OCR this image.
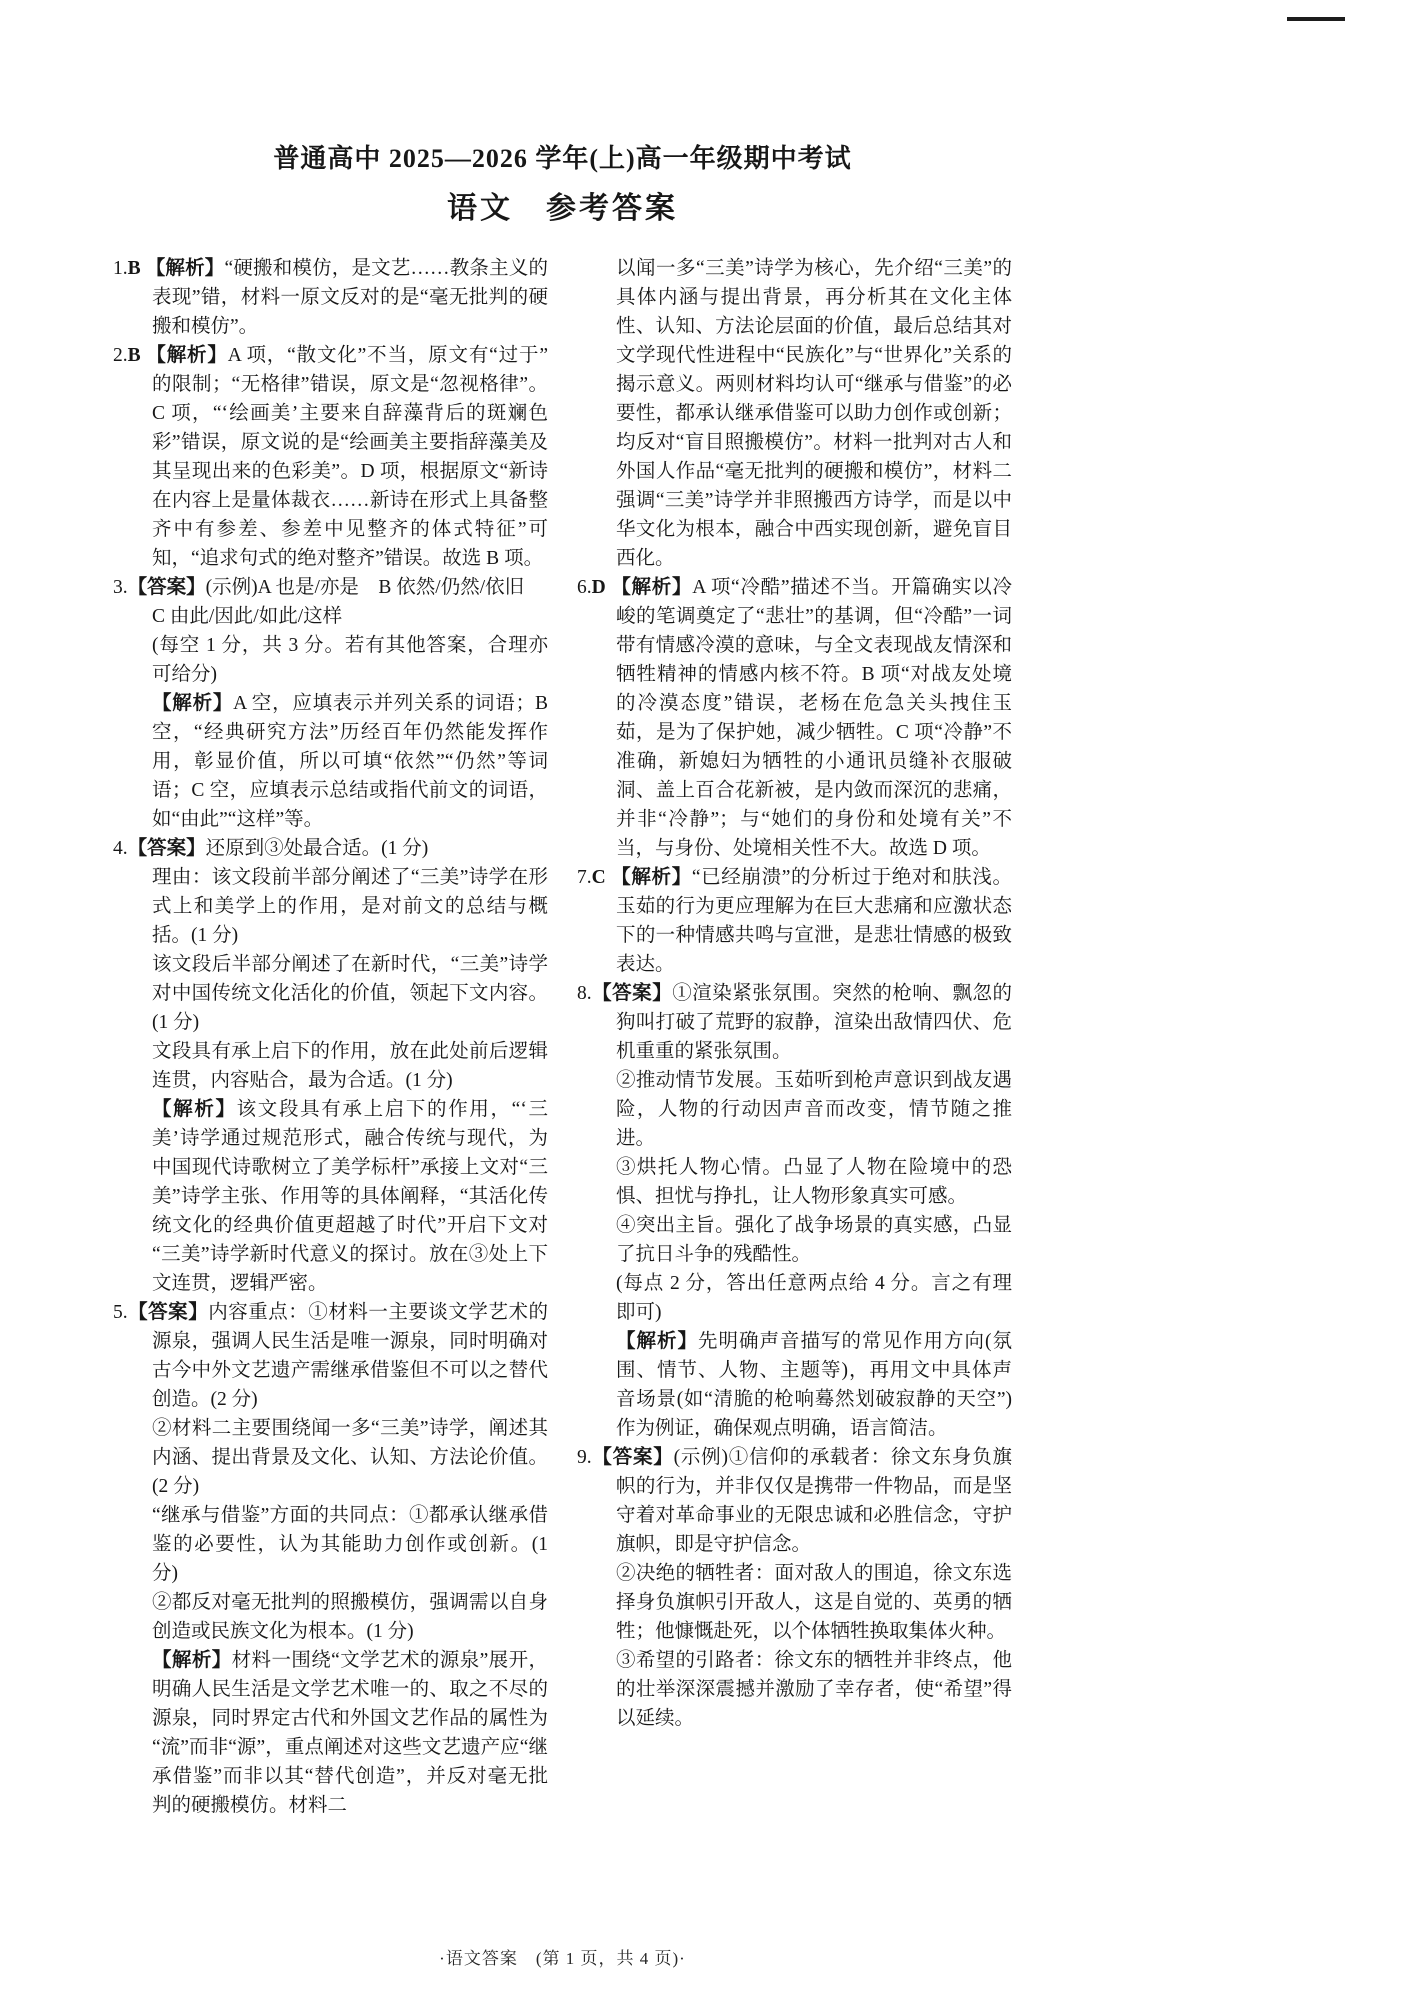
普通高中 2025—2026 学年(上)高一年级期中考试
语文　参考答案

1.B 【解析】“硬搬和模仿，是文艺……教条主义的表现”错，材料一原文反对的是“毫无批判的硬搬和模仿”。

2.B 【解析】A 项，“散文化”不当，原文有“过于”的限制；“无格律”错误，原文是“忽视格律”。C 项，“‘绘画美’主要来自辞藻背后的斑斓色彩”错误，原文说的是“绘画美主要指辞藻美及其呈现出来的色彩美”。D 项，根据原文“新诗在内容上是量体裁衣……新诗在形式上具备整齐中有参差、参差中见整齐的体式特征”可知，“追求句式的绝对整齐”错误。故选 B 项。

3.【答案】(示例)A 也是/亦是　B 依然/仍然/依旧

C 由此/因此/如此/这样

(每空 1 分，共 3 分。若有其他答案，合理亦可给分)

【解析】A 空，应填表示并列关系的词语；B 空，“经典研究方法”历经百年仍然能发挥作用，彰显价值，所以可填“依然”“仍然”等词语；C 空，应填表示总结或指代前文的词语，如“由此”“这样”等。

4.【答案】还原到③处最合适。(1 分)

理由：该文段前半部分阐述了“三美”诗学在形式上和美学上的作用，是对前文的总结与概括。(1 分)

该文段后半部分阐述了在新时代，“三美”诗学对中国传统文化活化的价值，领起下文内容。(1 分)

文段具有承上启下的作用，放在此处前后逻辑连贯，内容贴合，最为合适。(1 分)

【解析】该文段具有承上启下的作用，“‘三美’诗学通过规范形式，融合传统与现代，为中国现代诗歌树立了美学标杆”承接上文对“三美”诗学主张、作用等的具体阐释，“其活化传统文化的经典价值更超越了时代”开启下文对“三美”诗学新时代意义的探讨。放在③处上下文连贯，逻辑严密。

5.【答案】内容重点：①材料一主要谈文学艺术的源泉，强调人民生活是唯一源泉，同时明确对古今中外文艺遗产需继承借鉴但不可以之替代创造。(2 分)

②材料二主要围绕闻一多“三美”诗学，阐述其内涵、提出背景及文化、认知、方法论价值。(2 分)

“继承与借鉴”方面的共同点：①都承认继承借鉴的必要性，认为其能助力创作或创新。(1 分)

②都反对毫无批判的照搬模仿，强调需以自身创造或民族文化为根本。(1 分)

【解析】材料一围绕“文学艺术的源泉”展开，明确人民生活是文学艺术唯一的、取之不尽的源泉，同时界定古代和外国文艺作品的属性为“流”而非“源”，重点阐述对这些文艺遗产应“继承借鉴”而非以其“替代创造”，并反对毫无批判的硬搬模仿。材料二

以闻一多“三美”诗学为核心，先介绍“三美”的具体内涵与提出背景，再分析其在文化主体性、认知、方法论层面的价值，最后总结其对文学现代性进程中“民族化”与“世界化”关系的揭示意义。两则材料均认可“继承与借鉴”的必要性，都承认继承借鉴可以助力创作或创新；均反对“盲目照搬模仿”。材料一批判对古人和外国人作品“毫无批判的硬搬和模仿”，材料二强调“三美”诗学并非照搬西方诗学，而是以中华文化为根本，融合中西实现创新，避免盲目西化。

6.D 【解析】A 项“冷酷”描述不当。开篇确实以冷峻的笔调奠定了“悲壮”的基调，但“冷酷”一词带有情感冷漠的意味，与全文表现战友情深和牺牲精神的情感内核不符。B 项“对战友处境的冷漠态度”错误，老杨在危急关头拽住玉茹，是为了保护她，减少牺牲。C 项“冷静”不准确，新媳妇为牺牲的小通讯员缝补衣服破洞、盖上百合花新被，是内敛而深沉的悲痛，并非“冷静”；与“她们的身份和处境有关”不当，与身份、处境相关性不大。故选 D 项。

7.C 【解析】“已经崩溃”的分析过于绝对和肤浅。玉茹的行为更应理解为在巨大悲痛和应激状态下的一种情感共鸣与宣泄，是悲壮情感的极致表达。

8.【答案】①渲染紧张氛围。突然的枪响、飘忽的狗叫打破了荒野的寂静，渲染出敌情四伏、危机重重的紧张氛围。

②推动情节发展。玉茹听到枪声意识到战友遇险，人物的行动因声音而改变，情节随之推进。

③烘托人物心情。凸显了人物在险境中的恐惧、担忧与挣扎，让人物形象真实可感。

④突出主旨。强化了战争场景的真实感，凸显了抗日斗争的残酷性。

(每点 2 分，答出任意两点给 4 分。言之有理即可)

【解析】先明确声音描写的常见作用方向(氛围、情节、人物、主题等)，再用文中具体声音场景(如“清脆的枪响蓦然划破寂静的天空”)作为例证，确保观点明确，语言简洁。

9.【答案】(示例)①信仰的承载者：徐文东身负旗帜的行为，并非仅仅是携带一件物品，而是坚守着对革命事业的无限忠诚和必胜信念，守护旗帜，即是守护信念。

②决绝的牺牲者：面对敌人的围追，徐文东选择身负旗帜引开敌人，这是自觉的、英勇的牺牲；他慷慨赴死，以个体牺牲换取集体火种。

③希望的引路者：徐文东的牺牲并非终点，他的壮举深深震撼并激励了幸存者，使“希望”得以延续。

·语文答案　(第 1 页，共 4 页)·
